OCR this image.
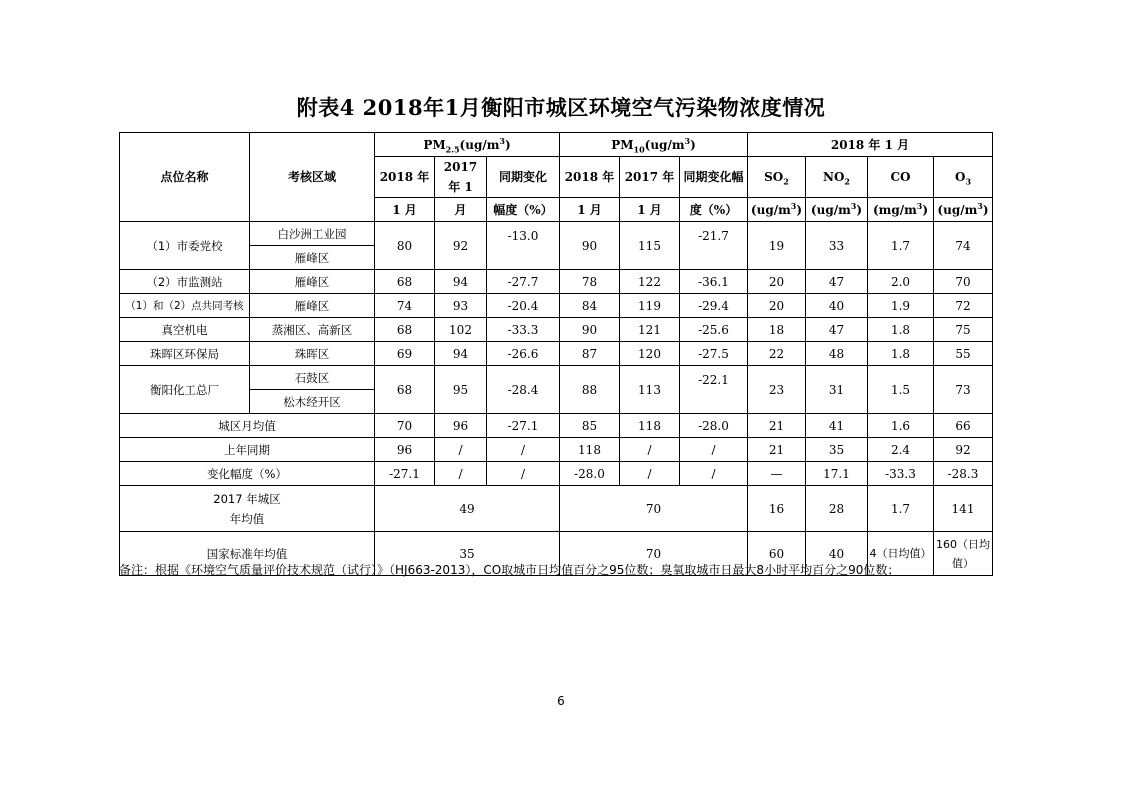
附表4 2018年1月衡阳市城区环境空气污染物浓度情况
点位名称	考核区域	$PM_{2.5}(ug/m^3)$			$PM_{10}(ug/m^3)$			2018 年 1 月			
		2018 年	2017 年 1	同期变化	2018 年	2017 年	同期变化幅	$SO_2$	$NO_2$	CO	$O_3$
		1 月	月	幅度（%）	1 月	1 月	度（%）	$(ug/m^3)$	$(ug/m^3)$	$(mg/m^3)$	$(ug/m^3)$
（1）市委党校	白沙洲工业园	80	92	-13.0	90	115	-21.7	19	33	1.7	74
	雁峰区										
（2）市监测站	雁峰区	68	94	-27.7	78	122	-36.1	20	47	2.0	70
（1）和（2）点共同考核	雁峰区	74	93	-20.4	84	119	-29.4	20	40	1.9	72
真空机电	蒸湘区、高新区	68	102	-33.3	90	121	-25.6	18	47	1.8	75
珠晖区环保局	珠晖区	69	94	-26.6	87	120	-27.5	22	48	1.8	55
衡阳化工总厂	石鼓区	68	95	-28.4	88	113	-22.1	23	31	1.5	73
	松木经开区										
城区月均值		70	96	-27.1	85	118	-28.0	21	41	1.6	66
上年同期		96	/	/	118	/	/	21	35	2.4	92
变化幅度（%）		-27.1	/	/	-28.0	/	/	—	17.1	-33.3	-28.3

2017 年城区
年均值		49			70			16	28	1.7	141
国家标准年均值		35			70			60	40	4（日均值）	160（日均
值）
备注：根据《环境空气质量评价技术规范（试行）》（HJ663-2013），CO取城市日均值百分之95位数；臭氧取城市日最大8小时平均百分之90位数；
6
